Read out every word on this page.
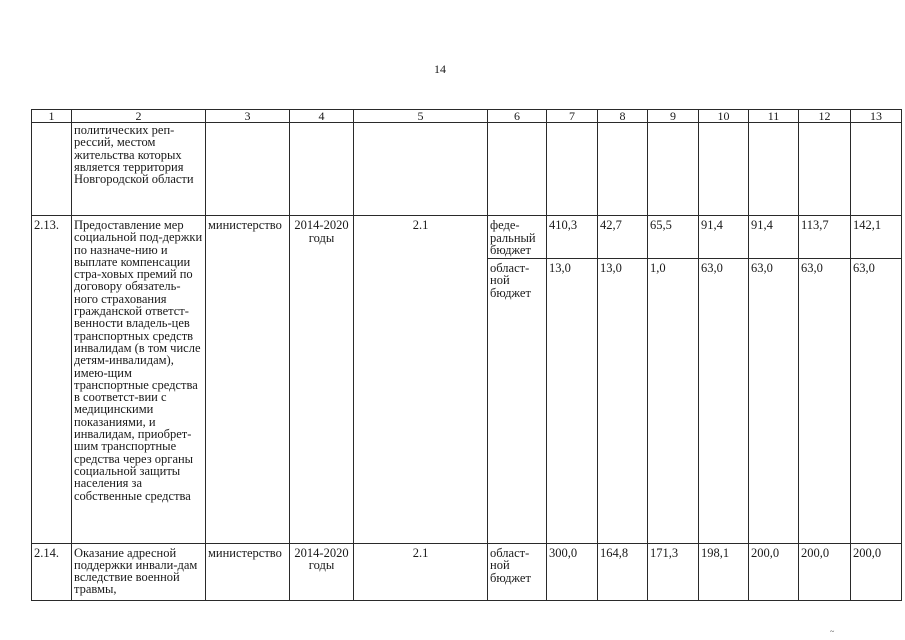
14
1	2	3	4	5	6	7	8	9	10	11	12	13
	политических реп-рессий, местом жительства которых является территория Новгородской области											
2.13.	Предоставление мер социальной под-держки по назначе-нию и выплате компенсации стра-ховых премий по договору обязатель-ного страхования гражданской ответст-венности владель-цев транспортных средств инвалидам (в том числе детям-инвалидам), имею-щим транспортные средства в соответст-вии с медицинскими показаниями, и инвалидам, приобрет-шим транспортные средства через органы социальной защиты населения за собственные средства	министерство	2014-2020 годы	2.1	феде-ральный бюджет	410,3	42,7	65,5	91,4	91,4	113,7	142,1
					област-ной бюджет	13,0	13,0	1,0	63,0	63,0	63,0	63,0
2.14.	Оказание адресной поддержки инвали-дам вследствие военной травмы,	министерство	2014-2020 годы	2.1	област-ной бюджет	300,0	164,8	171,3	198,1	200,0	200,0	200,0
~
